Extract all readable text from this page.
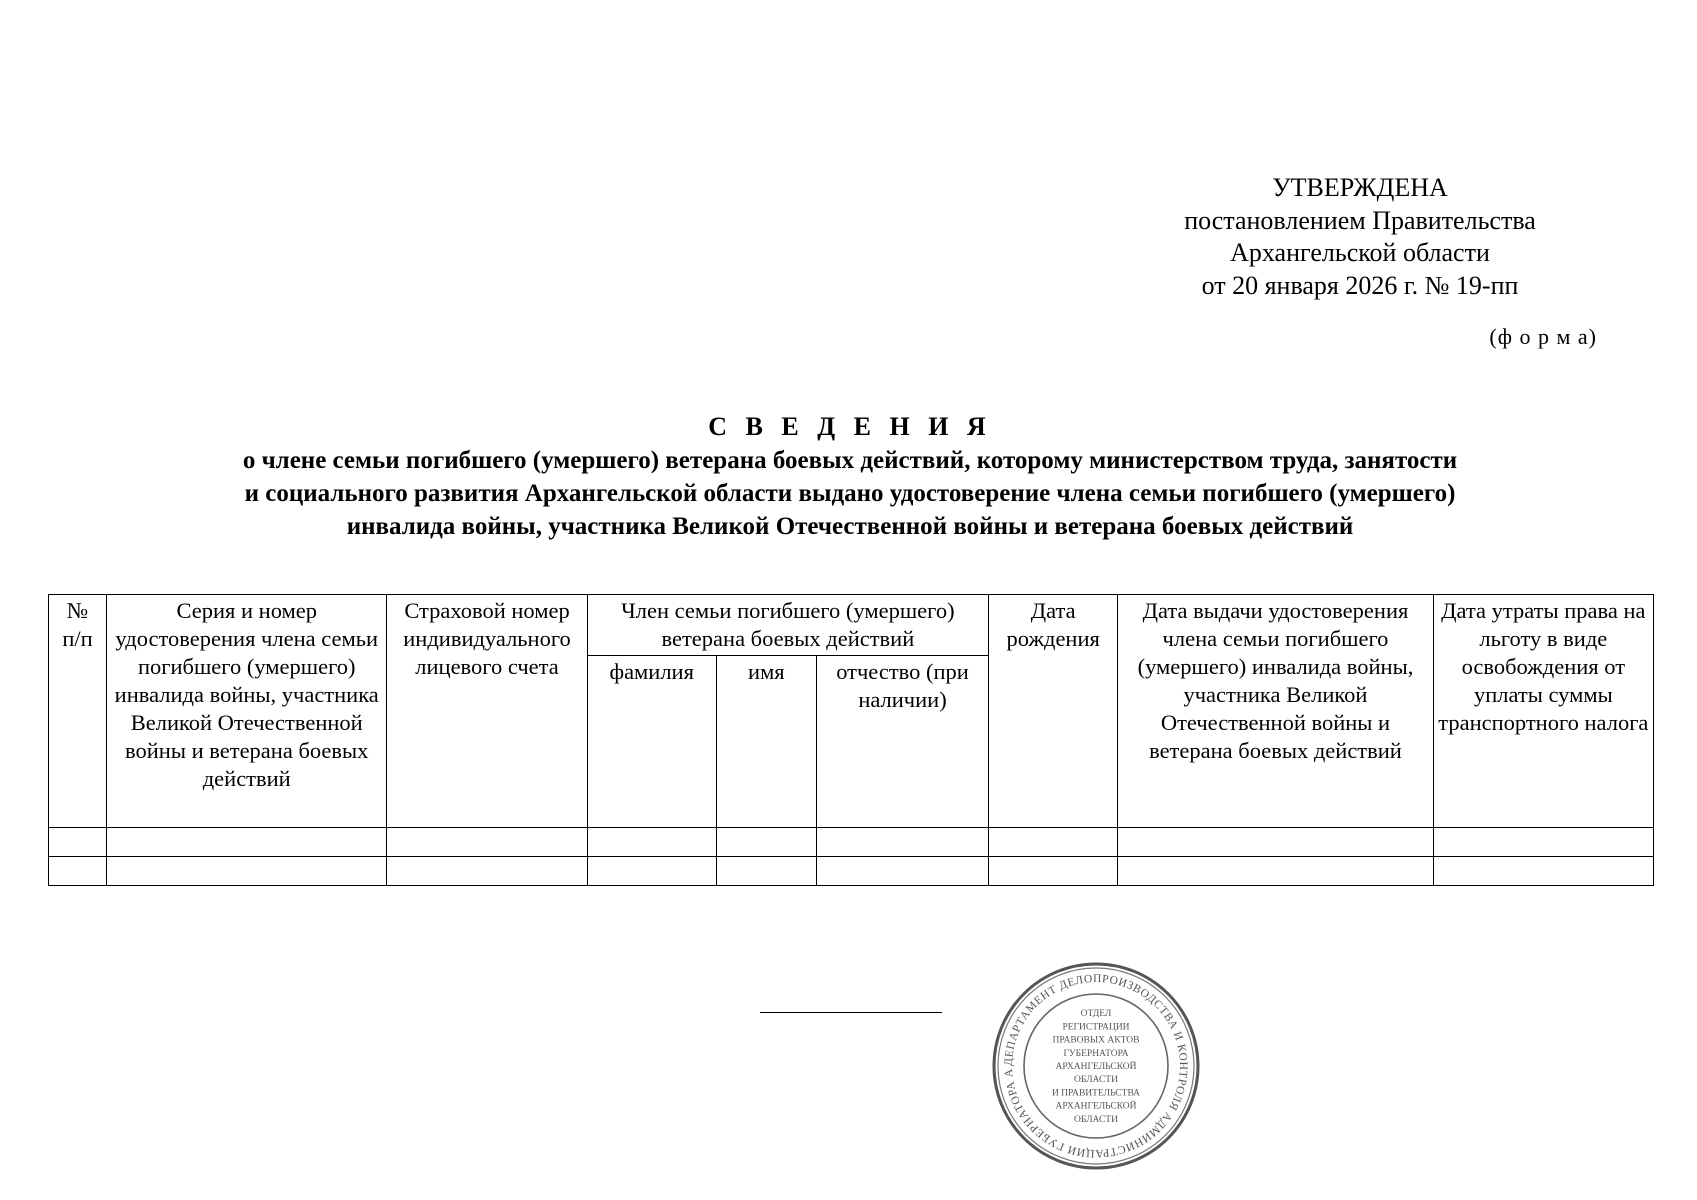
УТВЕРЖДЕНА
постановлением Правительства
Архангельской области
от 20 января 2026 г. № 19-пп
(ф о р м а)
С В Е Д Е Н И Я
о члене семьи погибшего (умершего) ветерана боевых действий, которому министерством труда, занятости
и социального развития Архангельской области выдано удостоверение члена семьи погибшего (умершего)
инвалида войны, участника Великой Отечественной войны и ветерана боевых действий
№ п/п	Серия и номер удостоверения члена семьи погибшего (умершего) инвалида войны, участника Великой Отечественной войны и ветерана боевых действий	Страховой номер индивидуального лицевого счета	Член семьи погибшего (умершего) ветерана боевых действий			Дата рождения	Дата выдачи удостоверения члена семьи погибшего (умершего) инвалида войны, участника Великой Отечественной войны и ветерана боевых действий	Дата утраты права на льготу в виде освобождения от уплаты суммы транспортного налога
			фамилия	имя	отчество (при наличии)			

ДЕПАРТАМЕНТ ДЕЛОПРОИЗВОДСТВА И КОНТРОЛЯ АДМИНИСТРАЦИИ ГУБЕРНАТОРА А
ОТДЕЛ
РЕГИСТРАЦИИ
ПРАВОВЫХ АКТОВ
ГУБЕРНАТОРА
АРХАНГЕЛЬСКОЙ
ОБЛАСТИ
И ПРАВИТЕЛЬСТВА
АРХАНГЕЛЬСКОЙ
ОБЛАСТИ
